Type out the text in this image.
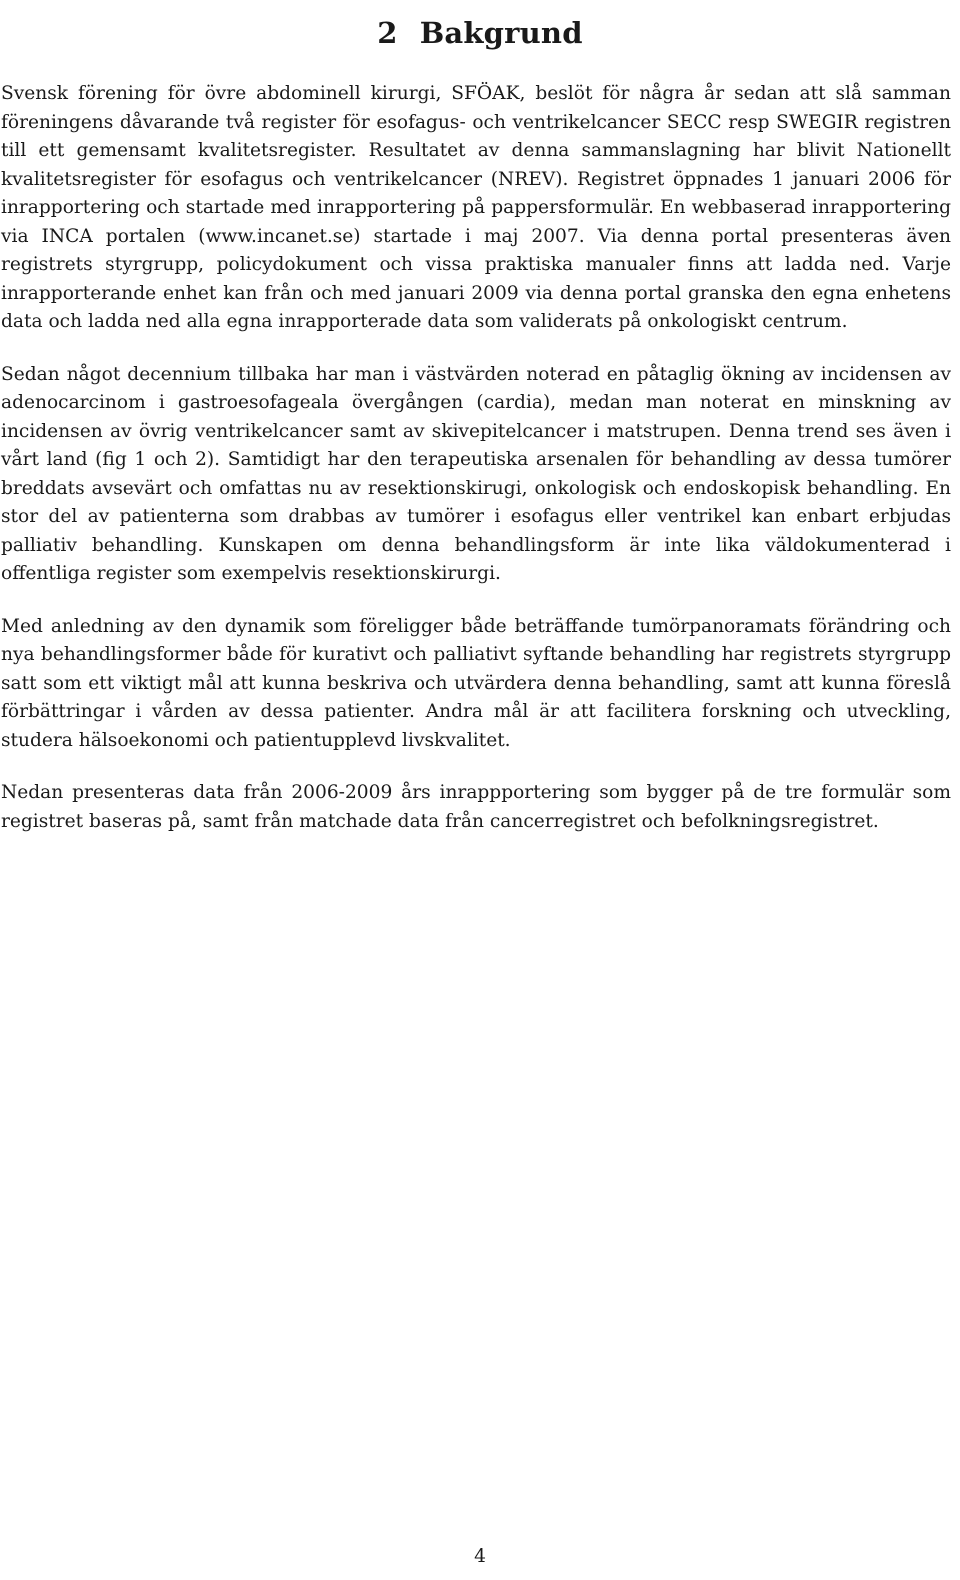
2 Bakgrund

Svensk förening för övre abdominell kirurgi, SFÖAK, beslöt för några år sedan att slå samman föreningens dåvarande två register för esofagus- och ventrikelcancer SECC resp SWEGIR registren till ett gemensamt kvalitetsregister. Resultatet av denna sammanslagning har blivit Nationellt kvalitetsregister för esofagus och ventrikelcancer (NREV). Registret öppnades 1 januari 2006 för inrapportering och startade med inrapportering på pappersformulär. En webbaserad inrapportering via INCA portalen (www.incanet.se) startade i maj 2007. Via denna portal presenteras även registrets styrgrupp, policydokument och vissa praktiska manualer finns att ladda ned. Varje inrapporterande enhet kan från och med januari 2009 via denna portal granska den egna enhetens data och ladda ned alla egna inrapporterade data som validerats på onkologiskt centrum.

Sedan något decennium tillbaka har man i västvärden noterad en påtaglig ökning av incidensen av adenocarcinom i gastroesofageala övergången (cardia), medan man noterat en minskning av incidensen av övrig ventrikelcancer samt av skivepitelcancer i matstrupen. Denna trend ses även i vårt land (fig 1 och 2). Samtidigt har den terapeutiska arsenalen för behandling av dessa tumörer breddats avsevärt och omfattas nu av resektionskirugi, onkologisk och endoskopisk behandling. En stor del av patienterna som drabbas av tumörer i esofagus eller ventrikel kan enbart erbjudas palliativ behandling. Kunskapen om denna behandlingsform är inte lika väldokumenterad i offentliga register som exempelvis resektionskirurgi.

Med anledning av den dynamik som föreligger både beträffande tumörpanoramats förändring och nya behandlingsformer både för kurativt och palliativt syftande behandling har registrets styrgrupp satt som ett viktigt mål att kunna beskriva och utvärdera denna behandling, samt att kunna föreslå förbättringar i vården av dessa patienter. Andra mål är att facilitera forskning och utveckling, studera hälsoekonomi och patientupplevd livskvalitet.

Nedan presenteras data från 2006-2009 års inrappportering som bygger på de tre formulär som registret baseras på, samt från matchade data från cancerregistret och befolkningsregistret.

4
